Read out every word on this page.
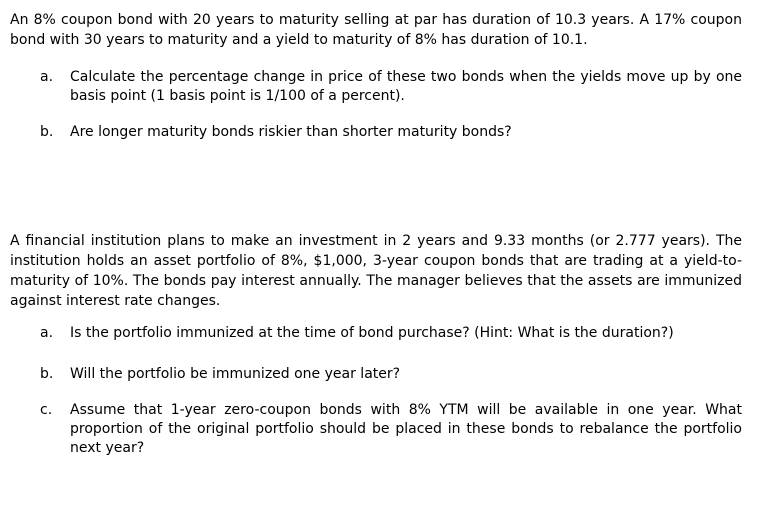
An 8% coupon bond with 20 years to maturity selling at par has duration of 10.3 years. A 17% coupon bond with 30 years to maturity and a yield to maturity of 8% has duration of 10.1.

a.	Calculate the percentage change in price of these two bonds when the yields move up by one basis point (1 basis point is 1/100 of a percent).
b.	Are longer maturity bonds riskier than shorter maturity bonds?

A financial institution plans to make an investment in 2 years and 9.33 months (or 2.777 years). The institution holds an asset portfolio of 8%, $1,000, 3-year coupon bonds that are trading at a yield-to-maturity of 10%. The bonds pay interest annually. The manager believes that the assets are immunized against interest rate changes.

a.	Is the portfolio immunized at the time of bond purchase? (Hint: What is the duration?)
b.	Will the portfolio be immunized one year later?
c.	Assume that 1-year zero-coupon bonds with 8% YTM will be available in one year. What proportion of the original portfolio should be placed in these bonds to rebalance the portfolio next year?
